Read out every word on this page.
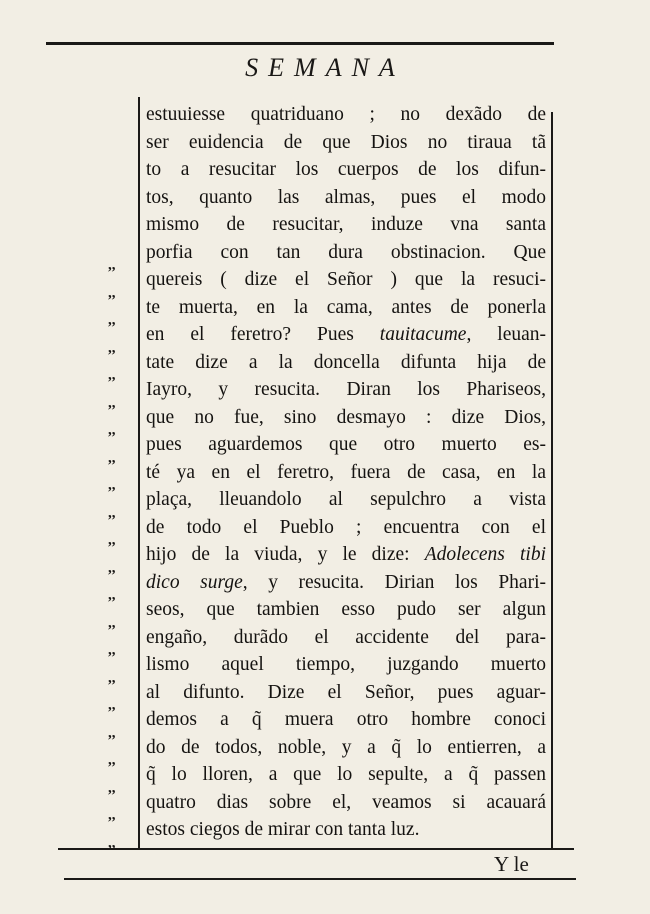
SEMANA
,,
,,
,,
,,
,,
,,
,,
,,
,,
,,
,,
,,
,,
,,
,,
,,
,,
,,
,,
,,
,,
,,
estuuiesse quatriduano ; no dexãdo de
ser euidencia de que Dios no tiraua tã
to a resucitar los cuerpos de los difun-
tos, quanto las almas, pues el modo
mismo de resucitar, induze vna santa
porfia con tan dura obstinacion. Que
quereis ( dize el Señor ) que la resuci-
te muerta, en la cama, antes de ponerla
en el feretro? Pues tauitacume, leuan-
tate dize a la doncella difunta hija de
Iayro, y resucita. Diran los Phariseos,
que no fue, sino desmayo : dize Dios,
pues aguardemos que otro muerto es-
té ya en el feretro, fuera de casa, en la
plaça, lleuandolo al sepulchro a vista
de todo el Pueblo ; encuentra con el
hijo de la viuda, y le dize: Adolecens tibi
dico surge, y resucita. Dirian los Phari-
seos, que tambien esso pudo ser algun
engaño, durãdo el accidente del para-
lismo aquel tiempo, juzgando muerto
al difunto. Dize el Señor, pues aguar-
demos a q̃ muera otro hombre conoci
do de todos, noble, y a q̃ lo entierren, a
q̃ lo lloren, a que lo sepulte, a q̃ passen
quatro dias sobre el, veamos si acauará
estos ciegos de mirar con tanta luz.
Y le
